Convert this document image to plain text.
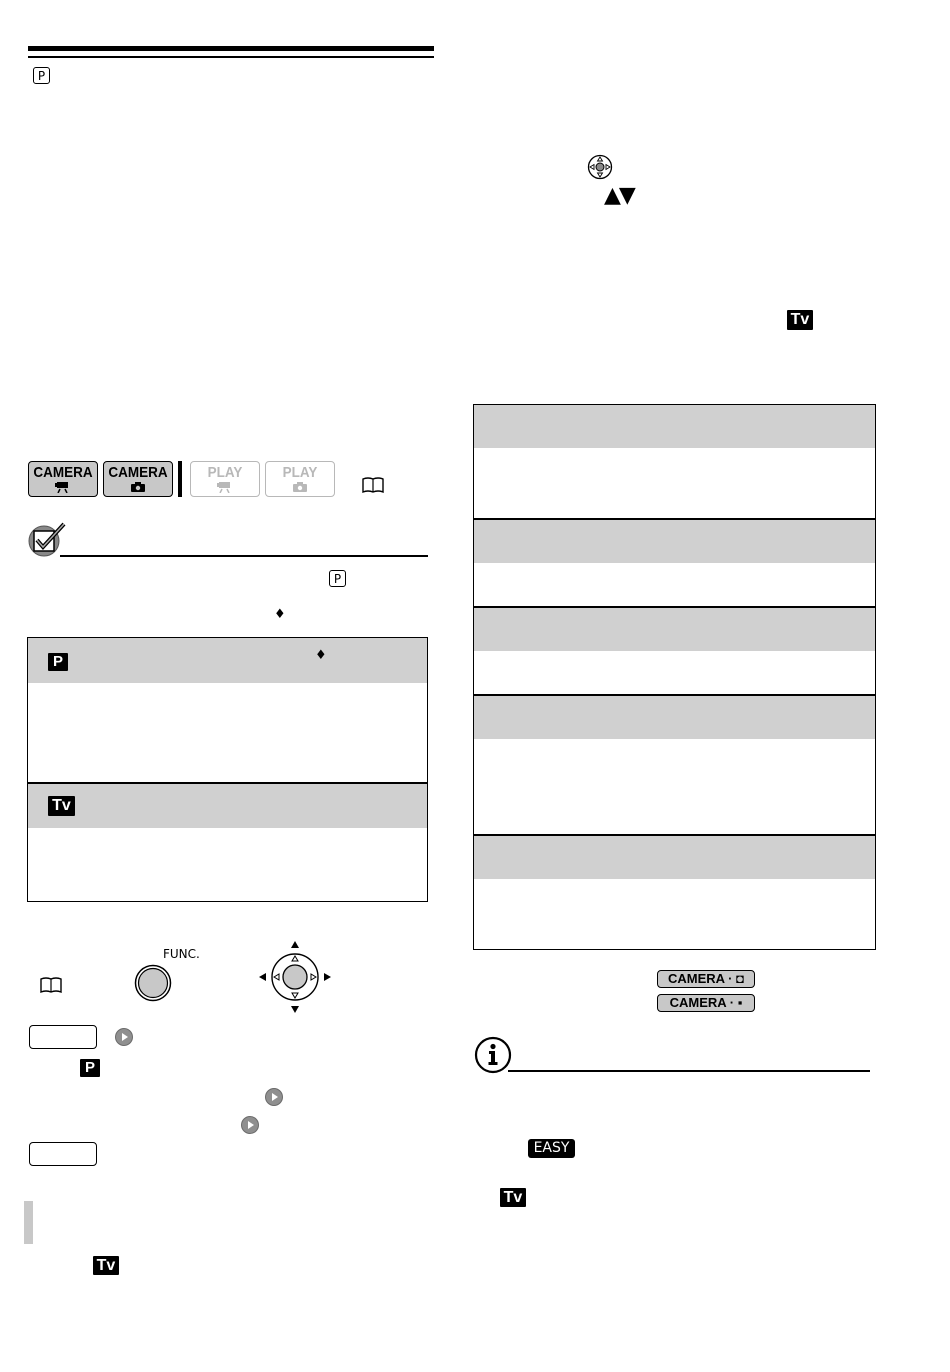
P
▲▼
Tv
CAMERA CAMERA	PLAY	PLAY
P
♦
P	♦
Tv
FUNC.
P
Tv
CAMERA · ◘
CAMERA · ▪
EASY
Tv
